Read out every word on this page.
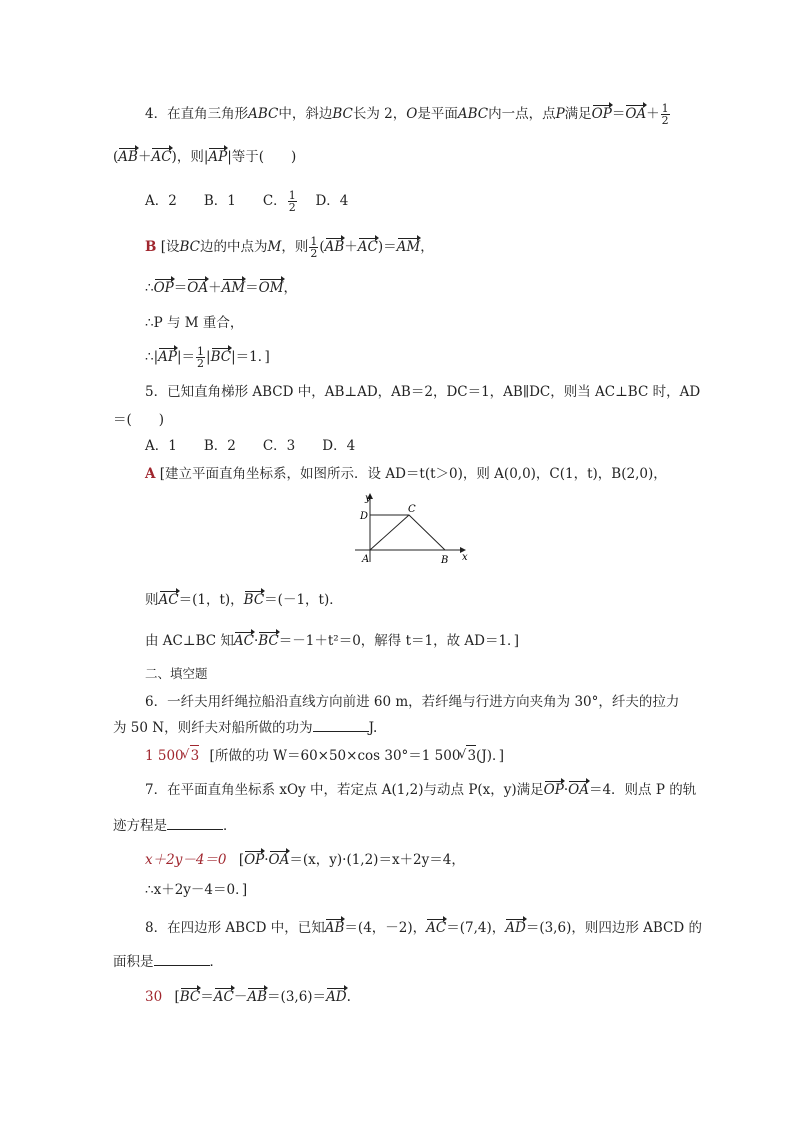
4．在直角三角形ABC中，斜边BC长为 2，O是平面ABC内一点，点P满足$OP=OA+ \frac{1}{2}$
(AB＋AC)，则|AP|等于(　　)
A．2　　B．1　　C． $\frac{1}{2}$ 　 D．4
B [设BC边的中点为M，则 $\frac{1}{2} (AB+AC)=AM$，
∴OP＝OA＋AM＝OM，
∴P 与 M 重合，
∴|AP|＝ $\frac{1}{2} |BC|=1$．]
5．已知直角梯形 ABCD 中，AB⊥AD，AB＝2，DC＝1，AB∥DC，则当 AC⊥BC 时，AD
＝(　　)
A．1　　B．2　　C．3　　D．4
A [建立平面直角坐标系，如图所示．设 AD＝t(t＞0)，则 A(0,0)，C(1，t)，B(2,0)，
y
x
D
C
A	B
则AC＝(1，t)，BC＝(－1，t)．
由 AC⊥BC 知AC·BC＝－1＋t²＝0，解得 t＝1，故 AD＝1．]
二、填空题
6．一纤夫用纤绳拉船沿直线方向前进 60 m，若纤绳与行进方向夹角为 30°，纤夫的拉力
为 50 N，则纤夫对船所做的功为	J.
1 500 √ 3 [所做的功 W＝60×50×cos 30°＝1 500 √ 3(J)．]
7．在平面直角坐标系 xOy 中，若定点 A(1,2)与动点 P(x，y)满足OP·OA＝4．则点 P 的轨
迹方程是	．
x＋2y－4＝0 [OP·OA＝(x，y)·(1,2)＝x＋2y＝4，
∴x＋2y－4＝0．]
8．在四边形 ABCD 中，已知AB＝(4，－2)，AC＝(7,4)，AD＝(3,6)，则四边形 ABCD 的
面积是	．
30 [BC＝AC－AB＝(3,6)＝AD.
